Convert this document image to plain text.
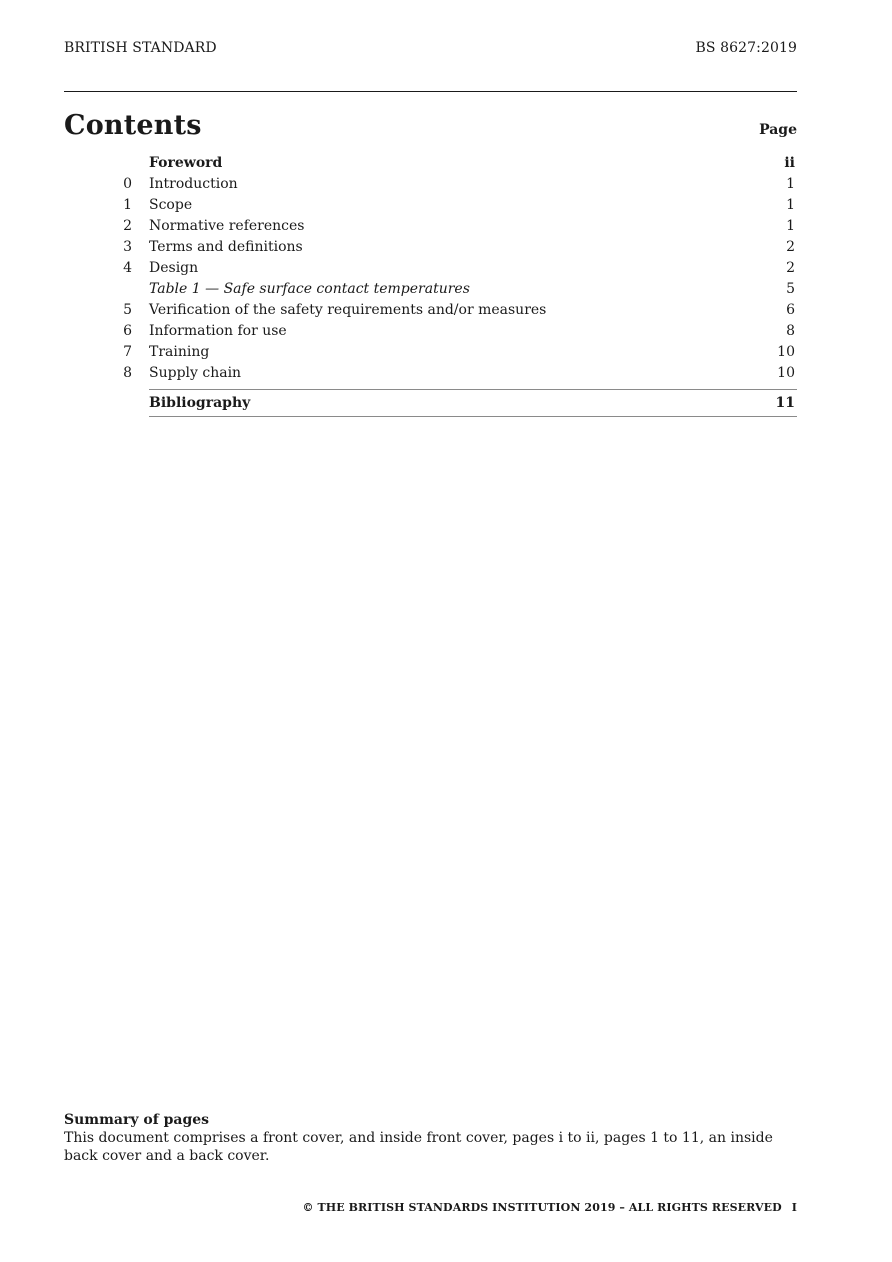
BRITISH STANDARD	BS 8627:2019
Contents	Page
Foreword	ii
0 Introduction	1
1 Scope	1
2 Normative references	1
3 Terms and definitions	2
4 Design	2
Table 1 — Safe surface contact temperatures	5
5 Verification of the safety requirements and/or measures	6
6 Information for use	8
7 Training	10
8 Supply chain	10
Bibliography	11
Summary of pages
This document comprises a front cover, and inside front cover, pages i to ii, pages 1 to 11, an inside back cover and a back cover.
© THE BRITISH STANDARDS INSTITUTION 2019 – ALL RIGHTS RESERVED I
